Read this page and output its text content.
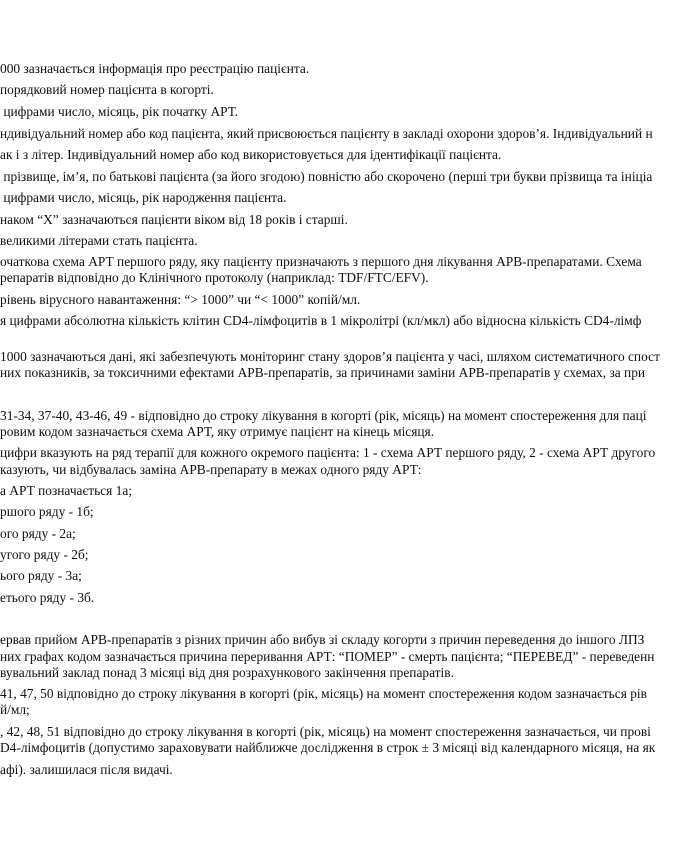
000 зазначається інформація про реєстрацію пацієнта.
порядковий номер пацієнта в когорті.
цифрами число, місяць, рік початку АРТ.
ндивідуальний номер або код пацієнта, який присвоюється пацієнту в закладі охорони здоров’я. Індивідуальний н
ак і з літер. Індивідуальний номер або код використовується для ідентифікації пацієнта.
прізвище, ім’я, по батькові пацієнта (за його згодою) повністю або скорочено (перші три букви прізвища та ініціа
цифрами число, місяць, рік народження пацієнта.
наком “Х” зазначаються пацієнти віком від 18 років і старші.
великими літерами стать пацієнта.
очаткова схема АРТ першого ряду, яку пацієнту призначають з першого дня лікування АРВ-препаратами. Схема
репаратів відповідно до Клінічного протоколу (наприклад: TDF/FTC/EFV).
рівень вірусного навантаження: “> 1000” чи “< 1000” копій/мл.
я цифрами абсолютна кількість клітин CD4-лімфоцитів в 1 мікролітрі (кл/мкл) або відносна кількість CD4-лімф
1000 зазначаються дані, які забезпечують моніторинг стану здоров’я пацієнта у часі, шляхом систематичного спост
них показників, за токсичними ефектами АРВ-препаратів, за причинами заміни АРВ-препаратів у схемах, за при
31-34, 37-40, 43-46, 49 - відповідно до строку лікування в когорті (рік, місяць) на момент спостереження для паці
ровим кодом зазначається схема АРТ, яку отримує пацієнт на кінець місяця.
цифри вказують на ряд терапії для кожного окремого пацієнта: 1 - схема АРТ першого ряду, 2 - схема АРТ другого
казують, чи відбувалась заміна АРВ-препарату в межах одного ряду АРТ:
а АРТ позначається 1а;
ршого ряду - 1б;
ого ряду - 2а;
угого ряду - 2б;
ього ряду - 3а;
етього ряду - 3б.
ервав прийом АРВ-препаратів з різних причин або вибув зі складу когорти з причин переведення до іншого ЛПЗ
них графах кодом зазначається причина переривання АРТ: “ПОМЕР” - смерть пацієнта; “ПЕРЕВЕД” - переведенн
вувальний заклад понад 3 місяці від дня розрахункового закінчення препаратів.
41, 47, 50 відповідно до строку лікування в когорті (рік, місяць) на момент спостереження кодом зазначається рів
й/мл;
, 42, 48, 51 відповідно до строку лікування в когорті (рік, місяць) на момент спостереження зазначається, чи прові
D4-лімфоцитів (допустимо зараховувати найближче дослідження в строк ± 3 місяці від календарного місяця, на як
афі). залишилася після видачі.
